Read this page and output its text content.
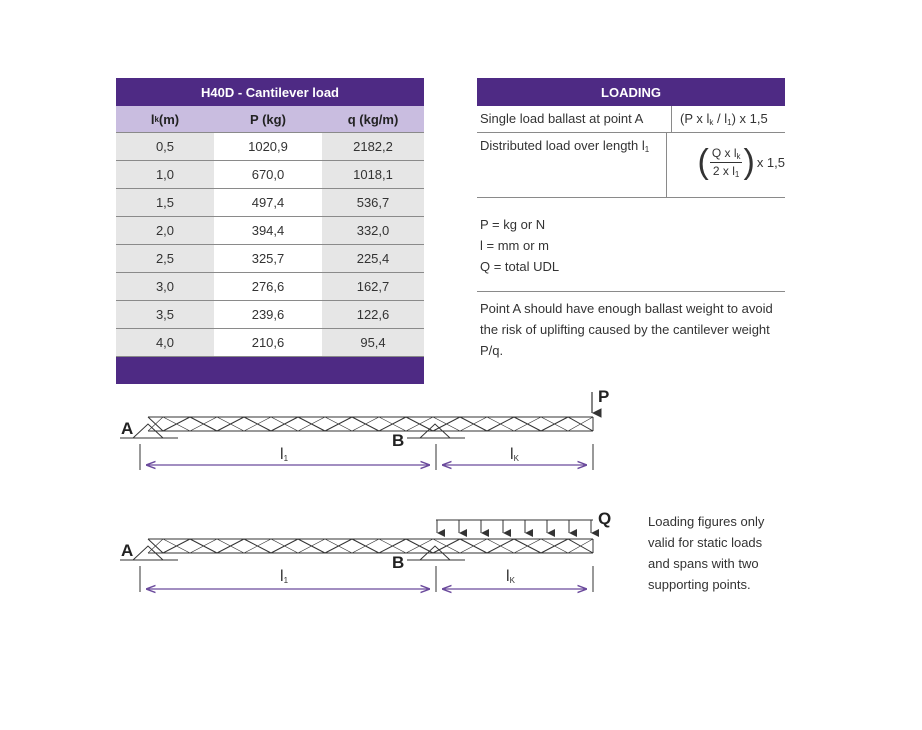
H40D - Cantilever load
l k (m)	P (kg)	q (kg/m)
0,5	1020,9	2182,2
1,0	670,0	1018,1
1,5	497,4	536,7
2,0	394,4	332,0
2,5	325,7	225,4
3,0	276,6	162,7
3,5	239,6	122,6
4,0	210,6	95,4
LOADING
Single load ballast at point A	(P x $l_k / l_1$) x 1,5
Distributed load over length $l_1$	( $\frac{Q x l_k}{2 x l_1}$ ) x 1,5
P = kg or N
l = mm or m
Q = total UDL
Point A should have enough ballast weight to avoid the risk of uplifting caused by the cantilever weight P/q.
A
B
P
$l_1$	$l_K$
A
B
Q
$l_1$	$l_K$
Loading figures only valid for static loads and spans with two supporting points.
